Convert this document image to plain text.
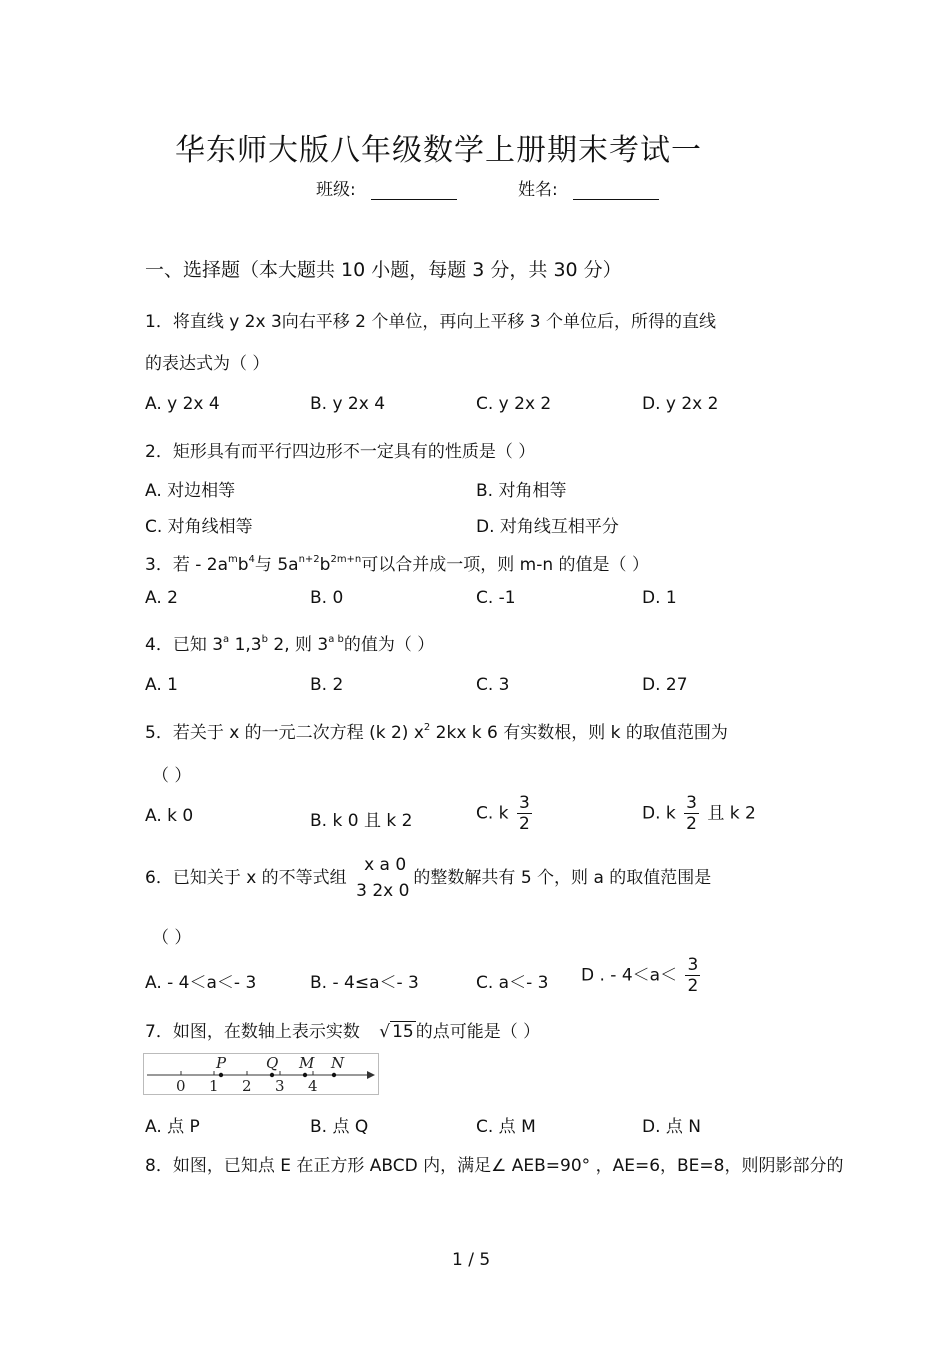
华东师大版八年级数学上册期末考试一
班级:	姓名:
一、选择题（本大题共 10 小题，每题 3 分，共 30 分）
1．将直线 y 2x 3向右平移 2 个单位，再向上平移 3 个单位后，所得的直线
的表达式为（ ）
A. y 2x 4	B. y 2x 4	C. y 2x 2	D. y 2x 2
2．矩形具有而平行四边形不一定具有的性质是（ ）
A. 对边相等	B. 对角相等
C. 对角线相等	D. 对角线互相平分
3．若 - $2a^mb^4$与 $5a^{n+2}b^{2m+n}$可以合并成一项，则 m-n 的值是（ ）
A. 2	B. 0	C. -1	D. 1
4．已知 3$^a$ 1,3$^b$ 2, 则 $3^{a b}$的值为（ ）
A. 1	B. 2	C. 3	D. 27
5．若关于 x 的一元二次方程 (k 2) $x^2$ 2kx k 6 有实数根，则 k 的取值范围为
（ ）
A. k 0	B. k 0 且 k 2	C. k $\frac{3}{2}$	D. k $\frac{3}{2}$ 且 k 2
6．已知关于 x 的不等式组
x a 0
3 2x 0
的整数解共有 5 个，则 a 的取值范围是
（ ）
A. - 4＜a＜- 3	B. - 4≤a＜- 3	C. a＜- 3 D . - $4<a< \frac{3}{2}$
7．如图，在数轴上表示实数 √ 15 的点可能是（ ）
0 1 2 3 4
P	Q M N
A. 点 P	B. 点 Q	C. 点 M	D. 点 N
8．如图，已知点 E 在正方形 ABCD 内，满足∠ AEB=90° ，AE=6，BE=8，则阴影部分的
1 / 5
